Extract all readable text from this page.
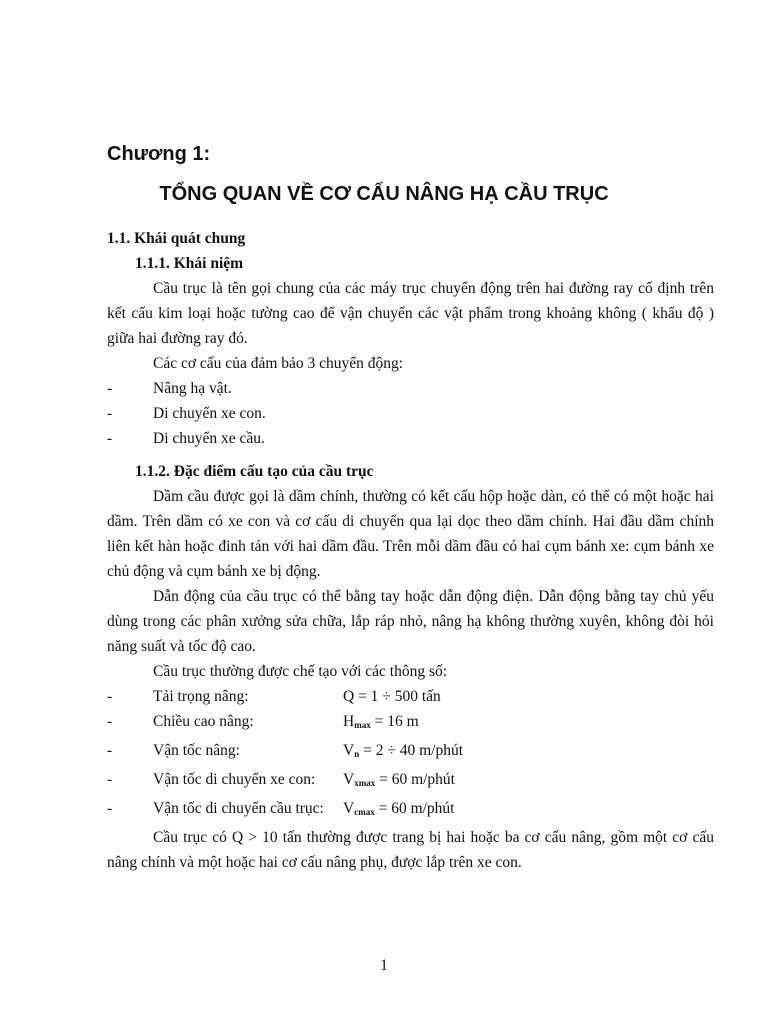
Chương 1:
TỔNG QUAN VỀ CƠ CẤU NÂNG HẠ CẦU TRỤC
1.1. Khái quát chung
1.1.1. Khái niệm

Cầu trục là tên gọi chung của các máy trục chuyển động trên hai đường ray cố định trên kết cấu kim loại hoặc tường cao để vận chuyển các vật phẩm trong khoảng không ( khẩu độ ) giữa hai đường ray đó.

Các cơ cấu của đảm bảo 3 chuyển động:

-	Nâng hạ vật.
-	Di chuyển xe con.
-	Di chuyển xe cầu.
1.1.2. Đặc điểm cấu tạo của cầu trục

Dầm cầu được gọi là dầm chính, thường có kết cấu hộp hoặc dàn, có thể có một hoặc hai dầm. Trên dầm có xe con và cơ cấu di chuyển qua lại dọc theo dầm chính. Hai đầu dầm chính liên kết hàn hoặc đinh tán với hai dầm đầu. Trên mỗi dầm đầu có hai cụm bánh xe: cụm bánh xe chủ động và cụm bánh xe bị động.

Dẫn động của cầu trục có thể bằng tay hoặc dẫn động điện. Dẫn động bằng tay chủ yếu dùng trong các phân xưởng sửa chữa, lắp ráp nhỏ, nâng hạ không thường xuyên, không đòi hỏi năng suất và tốc độ cao.

Cầu trục thường được chế tạo với các thông số:

-	Tải trọng nâng:	Q = 1 ÷ 500 tấn
-	Chiều cao nâng:	$H_{max} = 16$ m
-	Vận tốc nâng:	$V_n = 2 \div 40$ m/phút
-	Vận tốc di chuyển xe con:	$V_{xmax} = 60$ m/phút
-	Vận tốc di chuyển cầu trục:	$V_{cmax} = 60$ m/phút

Cầu trục có Q > 10 tấn thường được trang bị hai hoặc ba cơ cấu nâng, gồm một cơ cấu nâng chính và một hoặc hai cơ cấu nâng phụ, được lắp trên xe con.

1
